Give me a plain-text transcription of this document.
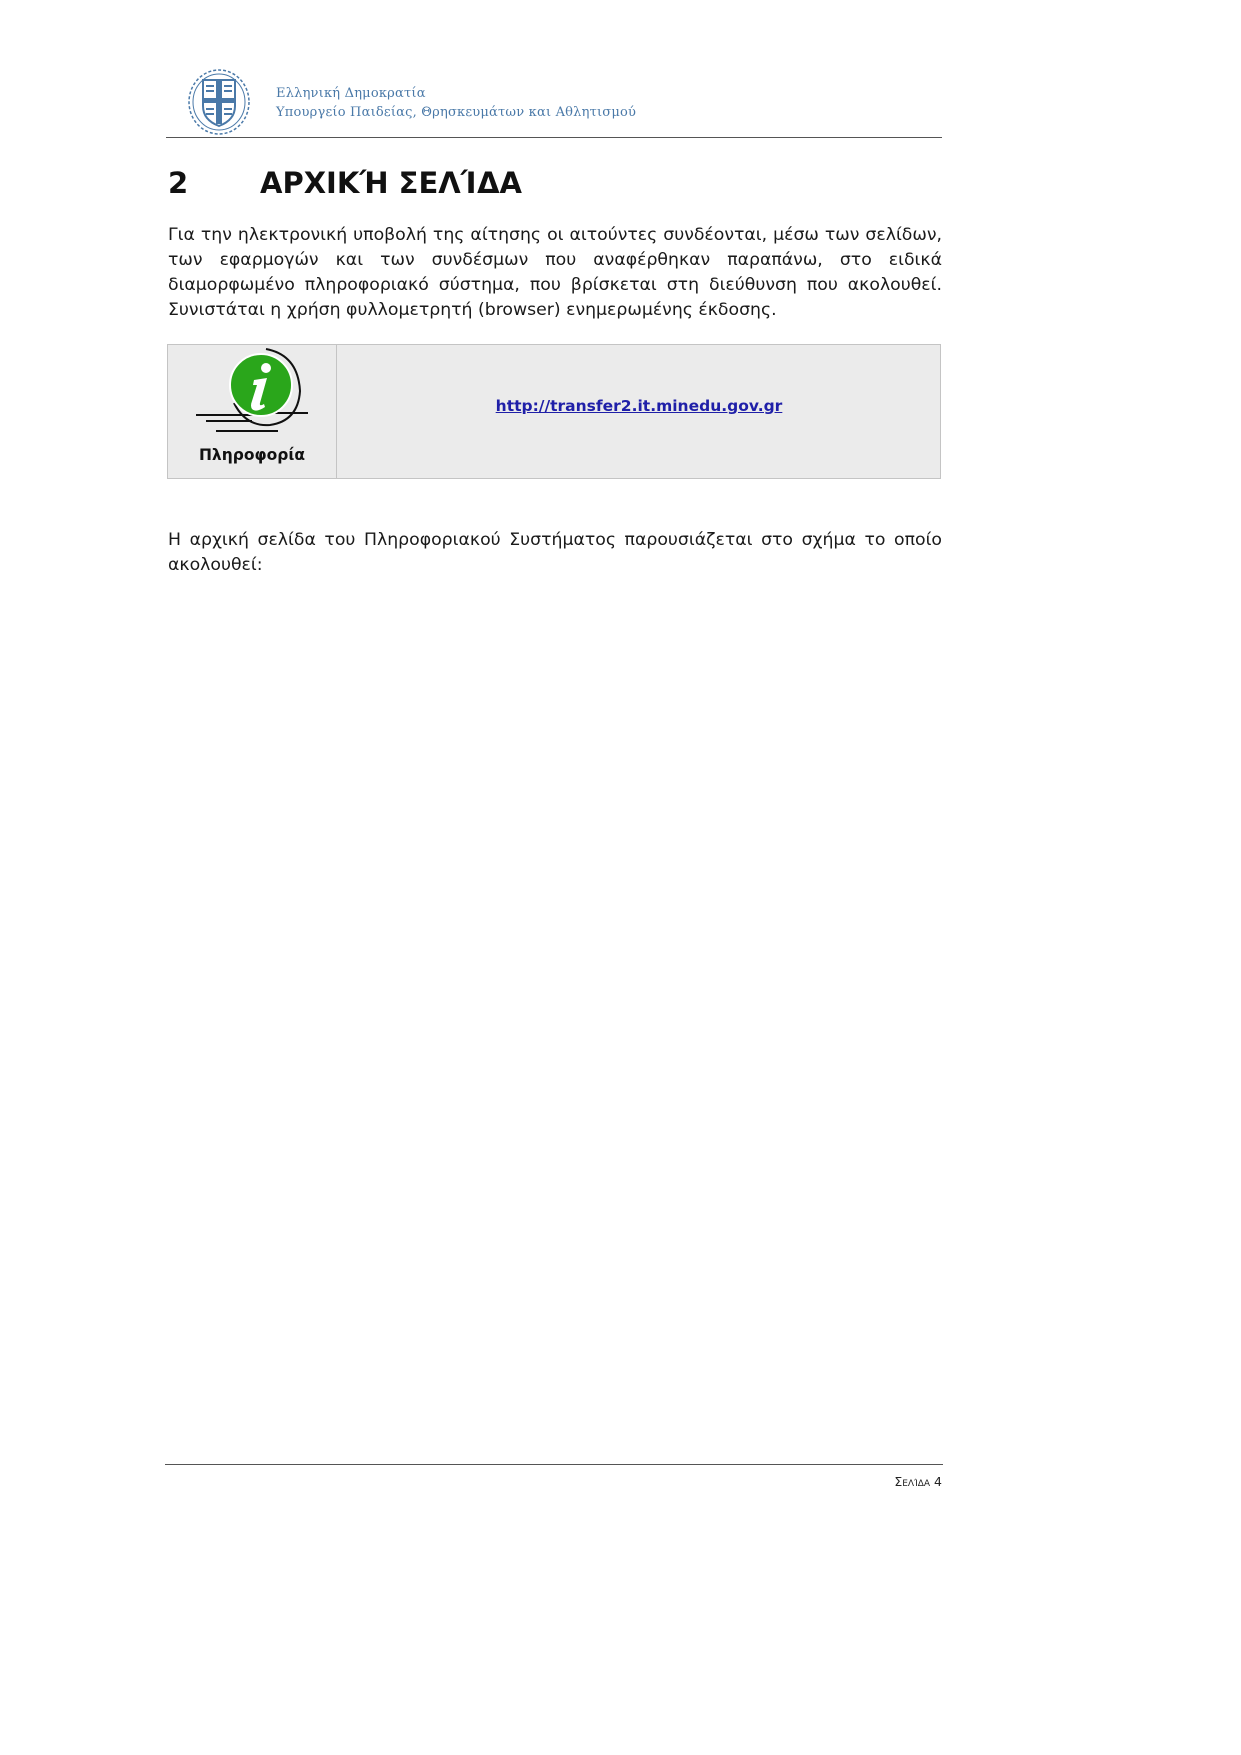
Ελληνική Δημοκρατία
Υπουργείο Παιδείας, Θρησκευμάτων και Αθλητισμού
2 ΑΡΧΙΚΉ ΣΕΛΊΔΑ
Για την ηλεκτρονική υποβολή της αίτησης οι αιτούντες συνδέονται, μέσω των σελίδων, των εφαρμογών και των συνδέσμων που αναφέρθηκαν παραπάνω, στο ειδικά διαμορφωμένο πληροφοριακό σύστημα, που βρίσκεται στη διεύθυνση που ακολουθεί. Συνιστάται η χρήση φυλλομετρητή (browser) ενημερωμένης έκδοσης.
Πληροφορία
http://transfer2.it.minedu.gov.gr
Η αρχική σελίδα του Πληροφοριακού Συστήματος παρουσιάζεται στο σχήμα το οποίο ακολουθεί:
Σελίδα 4
